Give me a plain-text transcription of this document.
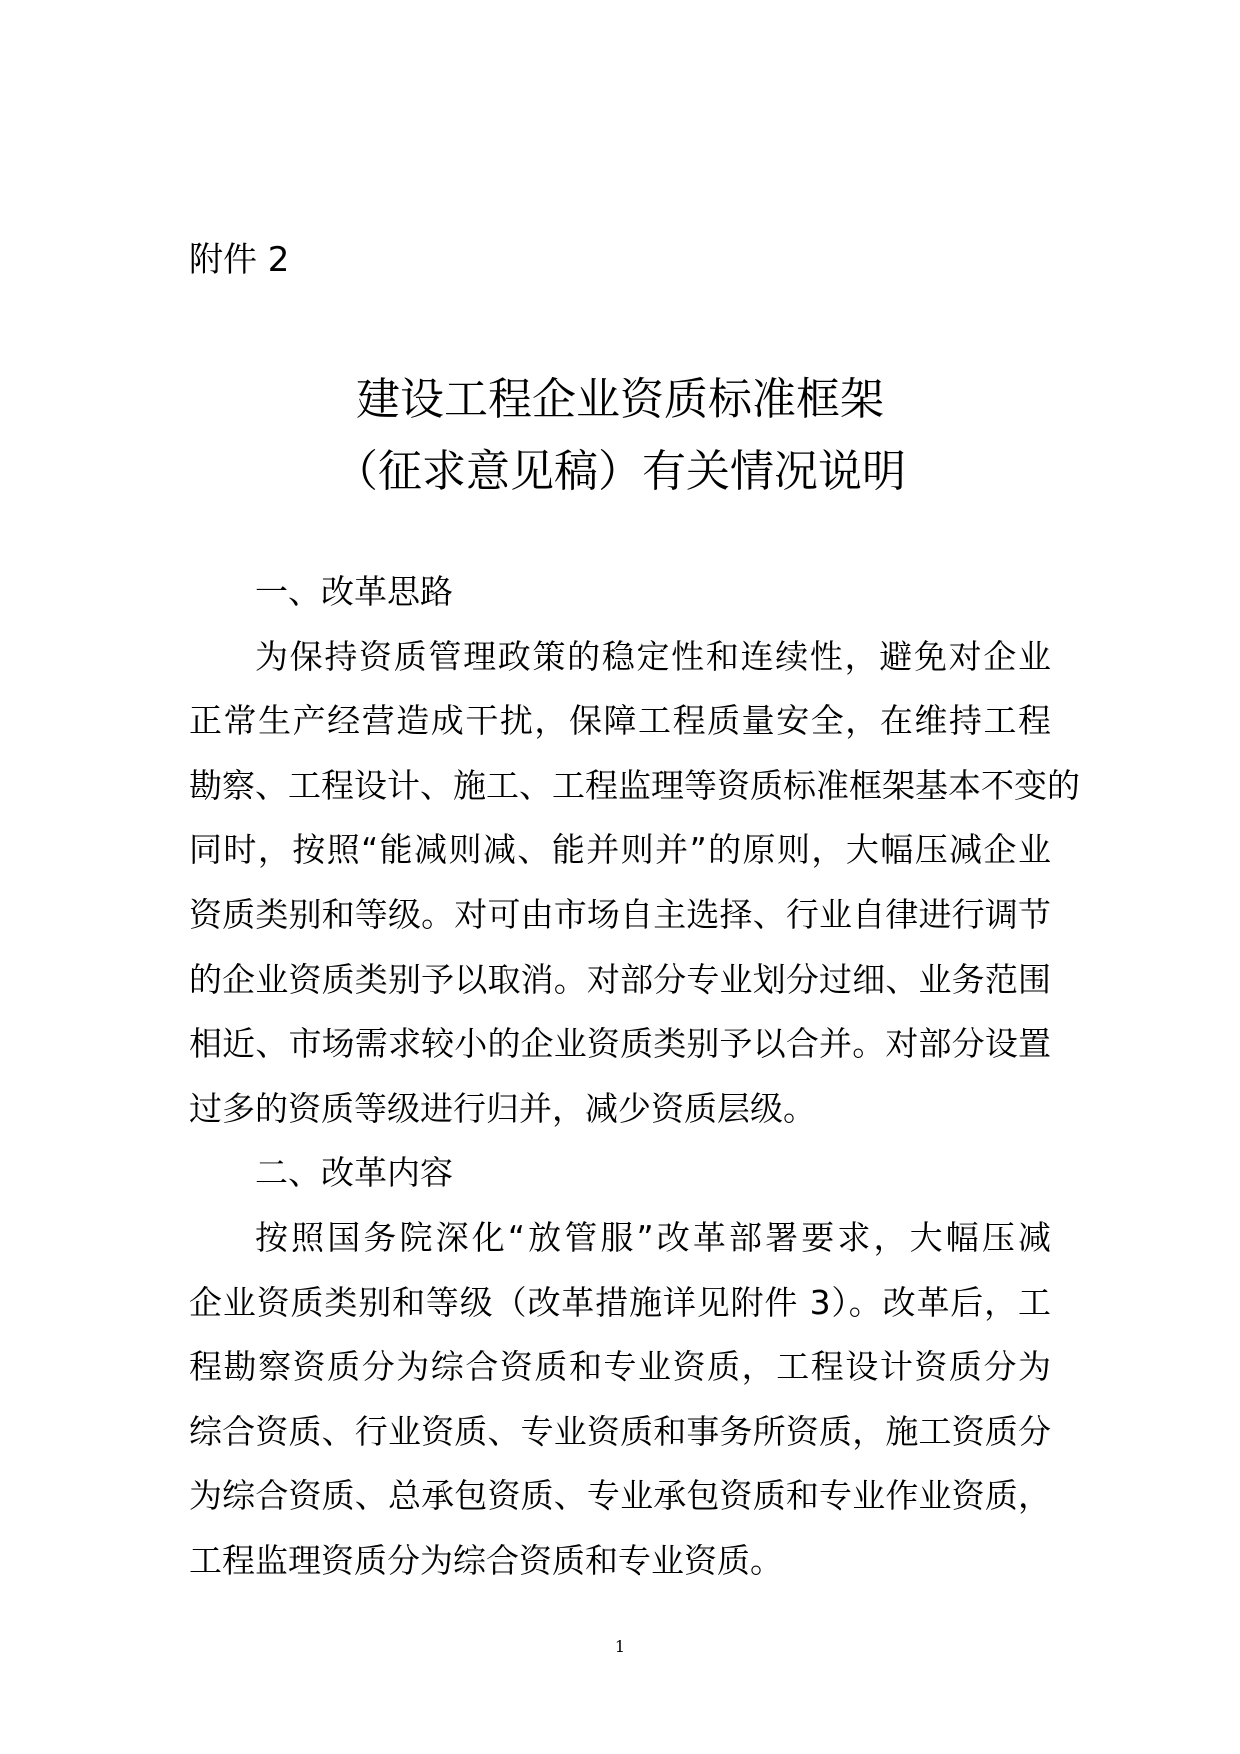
附件 2
建设工程企业资质标准框架
（征求意见稿）有关情况说明
一、改革思路
为保持资质管理政策的稳定性和连续性，避免对企业
正常生产经营造成干扰，保障工程质量安全，在维持工程
勘察、工程设计、施工、工程监理等资质标准框架基本不变的
同时，按照“能减则减、能并则并”的原则，大幅压减企业
资质类别和等级。对可由市场自主选择、行业自律进行调节
的企业资质类别予以取消。对部分专业划分过细、业务范围
相近、市场需求较小的企业资质类别予以合并。对部分设置
过多的资质等级进行归并，减少资质层级。
二、改革内容
按照国务院深化“放管服”改革部署要求，大幅压减
企业资质类别和等级（改革措施详见附件 3）。改革后，工
程勘察资质分为综合资质和专业资质，工程设计资质分为
综合资质、行业资质、专业资质和事务所资质，施工资质分
为综合资质、总承包资质、专业承包资质和专业作业资质，
工程监理资质分为综合资质和专业资质。
1
